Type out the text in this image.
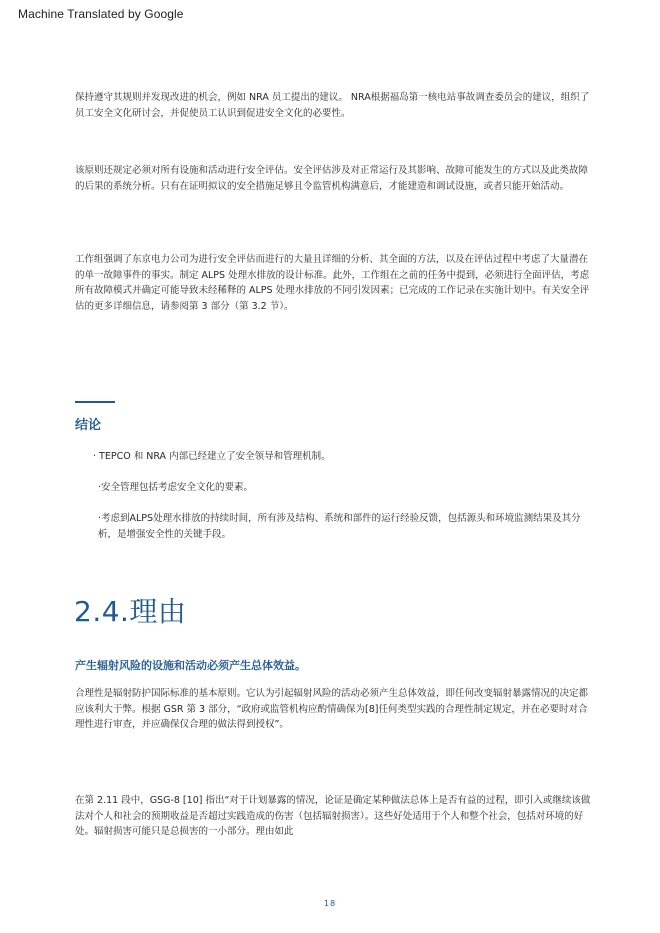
Machine Translated by Google

保持遵守其规则并发现改进的机会，例如 NRA 员工提出的建议。 NRA根据福岛第一核电站事故调查委员会的建议，组织了员工安全文化研讨会，并促使员工认识到促进安全文化的必要性。

该原则还规定必须对所有设施和活动进行安全评估。安全评估涉及对正常运行及其影响、故障可能发生的方式以及此类故障的后果的系统分析。只有在证明拟议的安全措施足够且令监管机构满意后，才能建造和调试设施，或者只能开始活动。

工作组强调了东京电力公司为进行安全评估而进行的大量且详细的分析、其全面的方法，以及在评估过程中考虑了大量潜在的单一故障事件的事实。制定 ALPS 处理水排放的设计标准。此外，工作组在之前的任务中提到，必须进行全面评估，考虑所有故障模式并确定可能导致未经稀释的 ALPS 处理水排放的不同引发因素；已完成的工作记录在实施计划中。有关安全评估的更多详细信息，请参阅第 3 部分（第 3.2 节）。

结论

· TEPCO 和 NRA 内部已经建立了安全领导和管理机制。

·安全管理包括考虑安全文化的要素。

·考虑到ALPS处理水排放的持续时间，所有涉及结构、系统和部件的运行经验反馈，包括源头和环境监测结果及其分析，是增强安全性的关键手段。

2.4.理由
产生辐射风险的设施和活动必须产生总体效益。

合理性是辐射防护国际标准的基本原则。它认为引起辐射风险的活动必须产生总体效益，即任何改变辐射暴露情况的决定都应该利大于弊。根据 GSR 第 3 部分，“政府或监管机构应酌情确保为[8]任何类型实践的合理性制定规定，并在必要时对合理性进行审查，并应确保仅合理的做法得到授权”。

在第 2.11 段中，GSG-8 [10] 指出“对于计划暴露的情况，论证是确定某种做法总体上是否有益的过程，即引入或继续该做法对个人和社会的预期收益是否超过实践造成的伤害（包括辐射损害）。这些好处适用于个人和整个社会，包括对环境的好处。辐射损害可能只是总损害的一小部分。理由如此

18
